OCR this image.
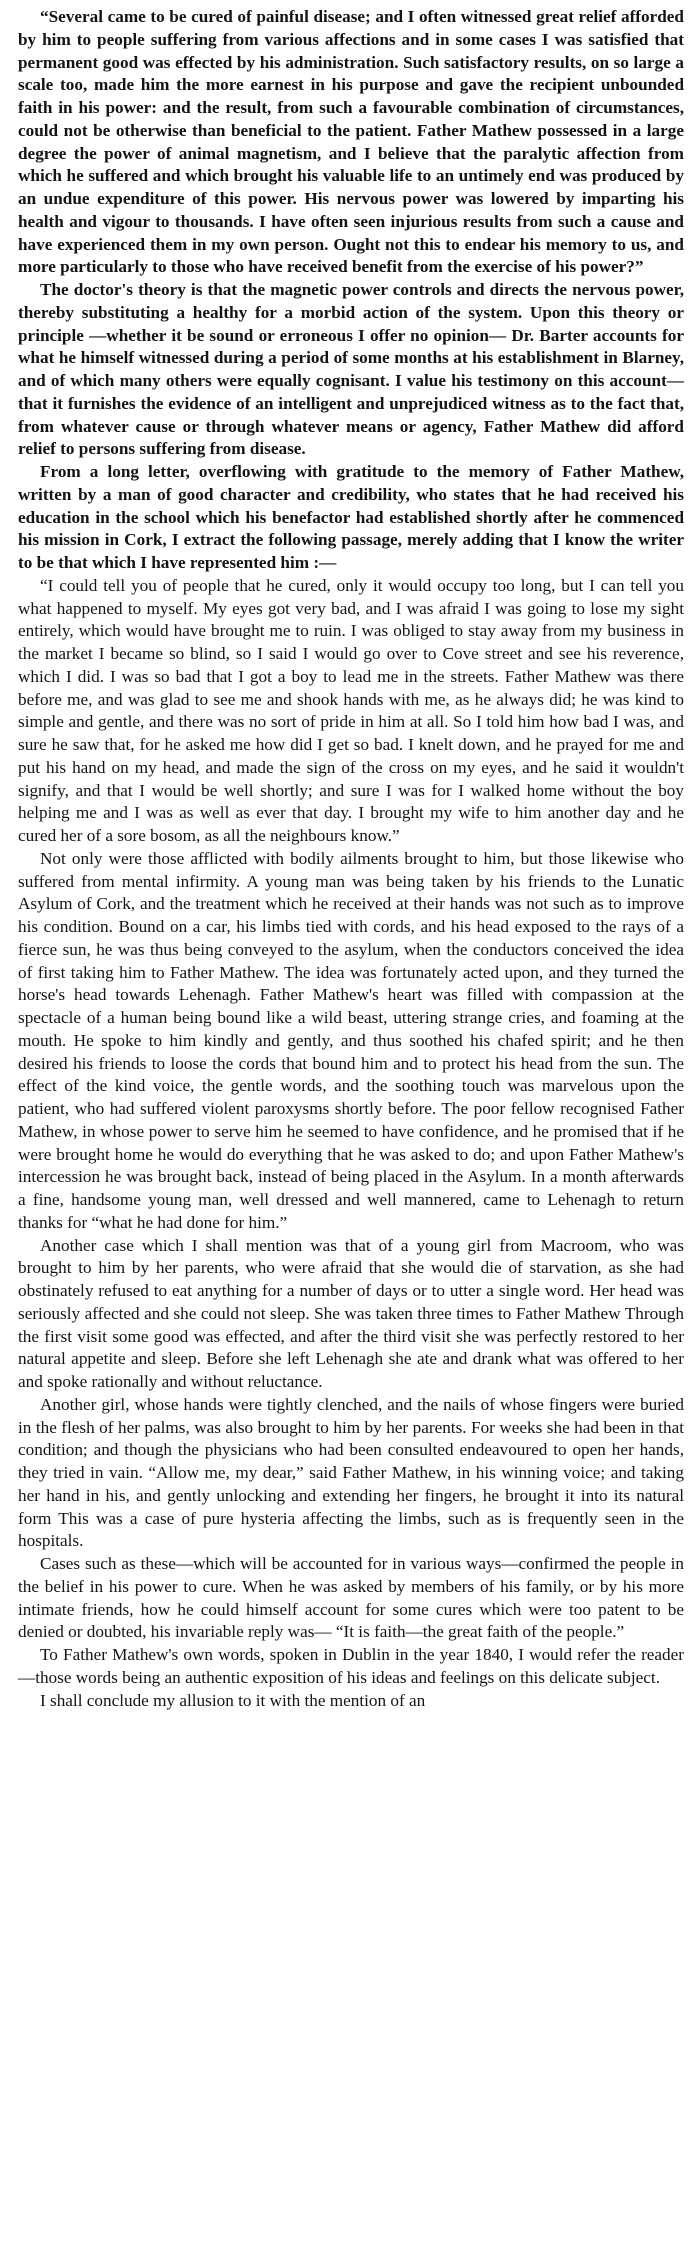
“Several came to be cured of painful disease; and I often witnessed great relief afforded by him to people suffering from various affections and in some cases I was satisfied that permanent good was effected by his administration. Such satisfactory results, on so large a scale too, made him the more earnest in his purpose and gave the recipient unbounded faith in his power: and the result, from such a favourable combination of circumstances, could not be otherwise than beneficial to the patient. Father Mathew possessed in a large degree the power of animal magnetism, and I believe that the paralytic affection from which he suffered and which brought his valuable life to an untimely end was produced by an undue expenditure of this power. His nervous power was lowered by imparting his health and vigour to thousands. I have often seen injurious results from such a cause and have experienced them in my own person. Ought not this to endear his memory to us, and more particularly to those who have received benefit from the exercise of his power?”

The doctor's theory is that the magnetic power controls and directs the nervous power, thereby substituting a healthy for a morbid action of the system. Upon this theory or principle —whether it be sound or erroneous I offer no opinion— Dr. Barter accounts for what he himself witnessed during a period of some months at his establishment in Blarney, and of which many others were equally cognisant. I value his testimony on this account—that it furnishes the evidence of an intelligent and unprejudiced witness as to the fact that, from whatever cause or through whatever means or agency, Father Mathew did afford relief to persons suffering from disease.

From a long letter, overflowing with gratitude to the memory of Father Mathew, written by a man of good character and credibility, who states that he had received his education in the school which his benefactor had established shortly after he commenced his mission in Cork, I extract the following passage, merely adding that I know the writer to be that which I have represented him :—

“I could tell you of people that he cured, only it would occupy too long, but I can tell you what happened to myself. My eyes got very bad, and I was afraid I was going to lose my sight entirely, which would have brought me to ruin. I was obliged to stay away from my business in the market I became so blind, so I said I would go over to Cove street and see his reverence, which I did. I was so bad that I got a boy to lead me in the streets. Father Mathew was there before me, and was glad to see me and shook hands with me, as he always did; he was kind to simple and gentle, and there was no sort of pride in him at all. So I told him how bad I was, and sure he saw that, for he asked me how did I get so bad. I knelt down, and he prayed for me and put his hand on my head, and made the sign of the cross on my eyes, and he said it wouldn't signify, and that I would be well shortly; and sure I was for I walked home without the boy helping me and I was as well as ever that day. I brought my wife to him another day and he cured her of a sore bosom, as all the neighbours know.”

Not only were those afflicted with bodily ailments brought to him, but those likewise who suffered from mental infirmity. A young man was being taken by his friends to the Lunatic Asylum of Cork, and the treatment which he received at their hands was not such as to improve his condition. Bound on a car, his limbs tied with cords, and his head exposed to the rays of a fierce sun, he was thus being conveyed to the asylum, when the conductors conceived the idea of first taking him to Father Mathew. The idea was fortunately acted upon, and they turned the horse's head towards Lehenagh. Father Mathew's heart was filled with compassion at the spectacle of a human being bound like a wild beast, uttering strange cries, and foaming at the mouth. He spoke to him kindly and gently, and thus soothed his chafed spirit; and he then desired his friends to loose the cords that bound him and to protect his head from the sun. The effect of the kind voice, the gentle words, and the soothing touch was marvelous upon the patient, who had suffered violent paroxysms shortly before. The poor fellow recognised Father Mathew, in whose power to serve him he seemed to have confidence, and he promised that if he were brought home he would do everything that he was asked to do; and upon Father Mathew's intercession he was brought back, instead of being placed in the Asylum. In a month afterwards a fine, handsome young man, well dressed and well mannered, came to Lehenagh to return thanks for “what he had done for him.”

Another case which I shall mention was that of a young girl from Macroom, who was brought to him by her parents, who were afraid that she would die of starvation, as she had obstinately refused to eat anything for a number of days or to utter a single word. Her head was seriously affected and she could not sleep. She was taken three times to Father Mathew Through the first visit some good was effected, and after the third visit she was perfectly restored to her natural appetite and sleep. Before she left Lehenagh she ate and drank what was offered to her and spoke rationally and without reluctance.

Another girl, whose hands were tightly clenched, and the nails of whose fingers were buried in the flesh of her palms, was also brought to him by her parents. For weeks she had been in that condition; and though the physicians who had been consulted endeavoured to open her hands, they tried in vain. “Allow me, my dear,” said Father Mathew, in his winning voice; and taking her hand in his, and gently unlocking and extending her fingers, he brought it into its natural form This was a case of pure hysteria affecting the limbs, such as is frequently seen in the hospitals.

Cases such as these—which will be accounted for in various ways—confirmed the people in the belief in his power to cure. When he was asked by members of his family, or by his more intimate friends, how he could himself account for some cures which were too patent to be denied or doubted, his invariable reply was— “It is faith—the great faith of the people.”

To Father Mathew's own words, spoken in Dublin in the year 1840, I would refer the reader—those words being an authentic exposition of his ideas and feelings on this delicate subject.

I shall conclude my allusion to it with the mention of an
